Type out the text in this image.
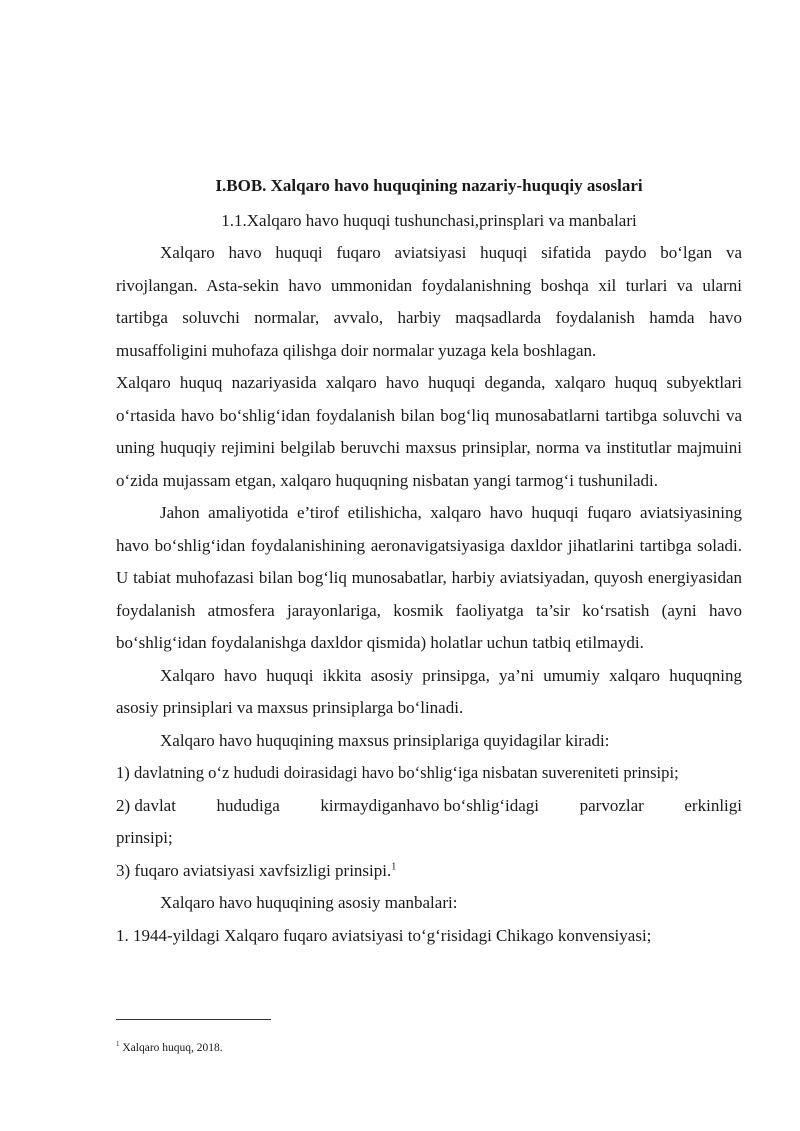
I.BOB. Xalqaro havo huquqining nazariy-huquqiy asoslari

1.1.Xalqaro havo huquqi tushunchasi,prinsplari va manbalari

Xalqaro havo huquqi fuqaro aviatsiyasi huquqi sifatida paydo bo‘lgan va rivojlangan. Asta-sekin havo ummonidan foydalanishning boshqa xil turlari va ularni tartibga soluvchi normalar, avvalo, harbiy maqsadlarda foydalanish hamda havo musaffoligini muhofaza qilishga doir normalar yuzaga kela boshlagan.

Xalqaro huquq nazariyasida xalqaro havo huquqi deganda, xalqaro huquq subyektlari o‘rtasida havo bo‘shlig‘idan foydalanish bilan bog‘liq munosabatlarni tartibga soluvchi va uning huquqiy rejimini belgilab beruvchi maxsus prinsiplar, norma va institutlar majmuini o‘zida mujassam etgan, xalqaro huquqning nisbatan yangi tarmog‘i tushuniladi.

Jahon amaliyotida e’tirof etilishicha, xalqaro havo huquqi fuqaro aviatsiyasining havo bo‘shlig‘idan foydalanishining aeronavigatsiyasiga daxldor jihatlarini tartibga soladi. U tabiat muhofazasi bilan bog‘liq munosabatlar, harbiy aviatsiyadan, quyosh energiyasidan foydalanish atmosfera jarayonlariga, kosmik faoliyatga ta’sir ko‘rsatish (ayni havo bo‘shlig‘idan foydalanishga daxldor qismida) holatlar uchun tatbiq etilmaydi.

Xalqaro havo huquqi ikkita asosiy prinsipga, ya’ni umumiy xalqaro huquqning asosiy prinsiplari va maxsus prinsiplarga bo‘linadi.

Xalqaro havo huquqining maxsus prinsiplariga quyidagilar kiradi:

1) davlatning o‘z hududi doirasidagi havo bo‘shlig‘iga nisbatan suvereniteti prinsipi;

2) davlat hududiga kirmaydiganhavo bo‘shlig‘idagi parvozlar erkinligi

prinsipi;

3) fuqaro aviatsiyasi xavfsizligi prinsipi.$^1$

Xalqaro havo huquqining asosiy manbalari:

1. 1944-yildagi Xalqaro fuqaro aviatsiyasi to‘g‘risidagi Chikago konvensiyasi;

$^1$ Xalqaro huquq, 2018.
